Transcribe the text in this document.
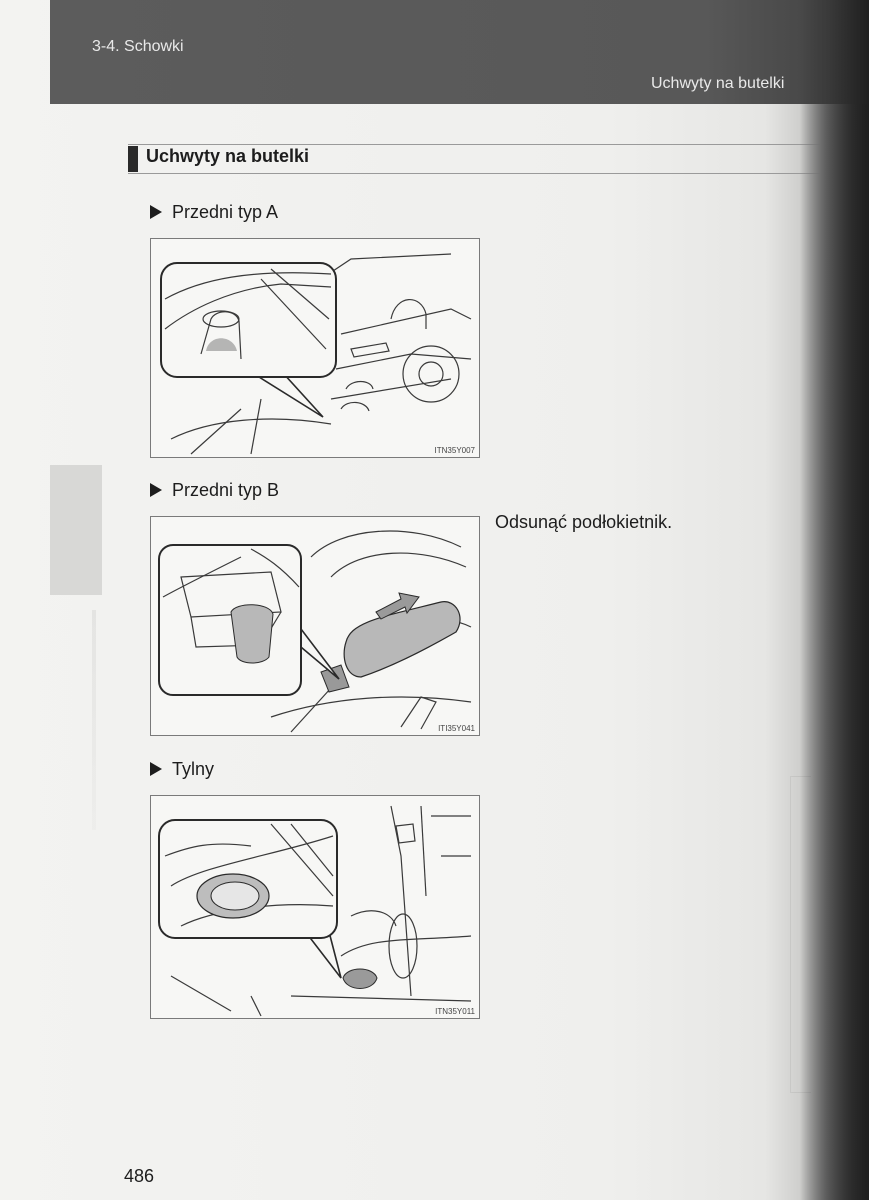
3-4. Schowki
Uchwyty na butelki
Uchwyty na butelki
Przedni typ A
ITN35Y007
Przedni typ B
ITI35Y041
Odsunąć podłokietnik.
Tylny
ITN35Y011
486
